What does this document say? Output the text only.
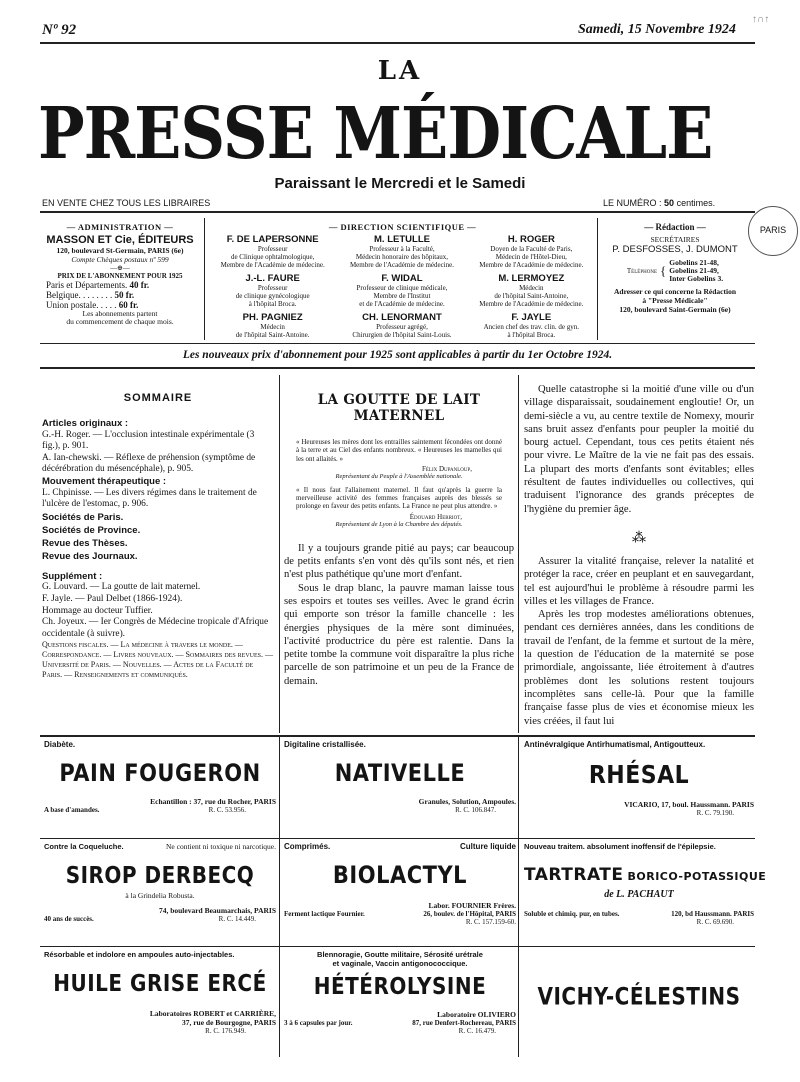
Nº 92	Samedi, 15 Novembre 1924
↑∩↑
LA
PRESSE MÉDICALE
Paraissant le Mercredi et le Samedi
EN VENTE CHEZ TOUS LES LIBRAIRES	LE NUMÉRO : 50 centimes.
PARIS
— ADMINISTRATION —
MASSON ET Cie, ÉDITEURS
120, boulevard St-Germain, PARIS (6e)
Compte Chèques postaux nº 599
—⊕—
PRIX DE L'ABONNEMENT POUR 1925
Paris et Départements. 40 fr.
Belgique. . . . . . . . 50 fr.
Union postale. . . . . 60 fr.
Les abonnements partent
du commencement de chaque mois.
— DIRECTION SCIENTIFIQUE —
F. DE LAPERSONNE
Professeur
de Clinique ophtalmologique,
Membre de l'Académie de médecine.
M. LETULLE
Professeur à la Faculté,
Médecin honoraire des hôpitaux,
Membre de l'Académie de médecine.
H. ROGER
Doyen de la Faculté de Paris,
Médecin de l'Hôtel-Dieu,
Membre de l'Académie de médecine.
J.-L. FAURE
Professeur
de clinique gynécologique
à l'hôpital Broca.
F. WIDAL
Professeur de clinique médicale,
Membre de l'Institut
et de l'Académie de médecine.
M. LERMOYEZ
Médecin
de l'hôpital Saint-Antoine,
Membre de l'Académie de médecine.
PH. PAGNIEZ
Médecin
de l'hôpital Saint-Antoine.
CH. LENORMANT
Professeur agrégé,
Chirurgien de l'hôpital Saint-Louis.
F. JAYLE
Ancien chef des trav. clin. de gyn.
à l'hôpital Broca.
— Rédaction —
SECRÉTAIRES
P. DESFOSSES, J. DUMONT
Téléphone {
Gobelins 21-48,
Gobelins 21-49,
Inter Gobelins 3.
Adresser ce qui concerne la Rédaction
à "Presse Médicale"
120, boulevard Saint-Germain (6e)
Les nouveaux prix d'abonnement pour 1925 sont applicables à partir du 1er Octobre 1924.
SOMMAIRE
Articles originaux :
G.-H. Roger. — L'occlusion intestinale expérimentale (3 fig.), p. 901.
A. Ian-chewski. — Réflexe de préhension (symptôme de décérébration du mésencéphale), p. 905.
Mouvement thérapeutique :
L. Chpinisse. — Les divers régimes dans le traitement de l'ulcère de l'estomac, p. 906.
Sociétés de Paris.
Sociétés de Province.
Revue des Thèses.
Revue des Journaux.
Supplément :
G. Louvard. — La goutte de lait maternel.
F. Jayle. — Paul Delbet (1866-1924).
Hommage au docteur Tuffier.
Ch. Joyeux. — Ier Congrès de Médecine tropicale d'Afrique occidentale (à suivre).
Questions fiscales. — La médecine à travers le monde. — Correspondance. — Livres nouveaux. — Sommaires des revues. — Université de Paris. — Nouvelles. — Actes de la Faculté de Paris. — Renseignements et communiqués.
LA GOUTTE DE LAIT MATERNEL
« Heureuses les mères dont les entrailles saintement fécondées ont donné à la terre et au Ciel des enfants nombreux. « Heureuses les mamelles qui les ont allaités. »
Félix Dupanloup,
Représentant du Peuple à l'Assemblée nationale.
« Il nous faut l'allaitement maternel. Il faut qu'après la guerre la merveilleuse activité des femmes françaises auprès des blessés se prolonge en faveur des petits enfants. La France ne peut plus attendre. »
Édouard Herriot,
Représentant de Lyon à la Chambre des députés.
Il y a toujours grande pitié au pays; car beaucoup de petits enfants s'en vont dès qu'ils sont nés, et rien n'est plus pathétique qu'une mort d'enfant.
Sous le drap blanc, la pauvre maman laisse tous ses espoirs et toutes ses veilles. Avec le grand écrin qui emporte son trésor la famille chancelle : les énergies physiques de la mère sont diminuées, l'activité productrice du père est ralentie. Dans la petite tombe la commune voit disparaître la plus riche parcelle de son patrimoine et un peu de la France de demain.
Quelle catastrophe si la moitié d'une ville ou d'un village disparaissait, soudainement engloutie! Or, un demi-siècle a vu, au centre textile de Nomexy, mourir sans bruit assez d'enfants pour peupler la moitié du bourg actuel. Cependant, tous ces petits étaient nés pour vivre. Le Maître de la vie ne fait pas des essais. La plupart des morts d'enfants sont évitables; elles résultent de fautes individuelles ou collectives, qui traduisent l'ignorance des grands préceptes de l'hygiène du premier âge.
⁂
Assurer la vitalité française, relever la natalité et protéger la race, créer en peuplant et en sauvegardant, tel est aujourd'hui le problème à résoudre parmi les villes et les villages de France.
Après les trop modestes améliorations obtenues, pendant ces dernières années, dans les conditions de travail de l'enfant, de la femme et surtout de la mère, la question de l'éducation de la maternité se pose primordiale, angoissante, liée étroitement à d'autres problèmes dont les solutions restent toujours incomplètes sans celle-là. Pour que la famille française fasse plus de vies et économise mieux les vies créées, il faut lui
Diabète.
PAIN FOUGERON
Echantillon : 37, rue du Rocher, PARIS
A base d'amandes.	R. C. 53.956.
Digitaline cristallisée.
NATIVELLE
Granules, Solution, Ampoules.
R. C. 106.847.
Antinévralgique Antirhumatismal, Antigoutteux.
RHÉSAL
VICARIO, 17, boul. Haussmann. PARIS
R. C. 79.190.
Contre la Coqueluche.	Ne contient ni toxique ni narcotique.
SIROP DERBECQ
à la Grindelia Robusta.
74, boulevard Beaumarchais, PARIS
40 ans de succès.	R. C. 14.449.
Comprimés.	Culture liquide
BIOLACTYL
Labor. FOURNIER Frères.
Ferment lactique Fournier.	26, boulev. de l'Hôpital, PARIS
R. C. 157.159-60.
Nouveau traitem. absolument inoffensif de l'épilepsie.
TARTRATE BORICO-POTASSIQUE
de L. PACHAUT
Soluble et chimiq. pur, en tubes.	120, bd Haussmann. PARIS
R. C. 69.690.
Résorbable et indolore en ampoules auto-injectables.
HUILE GRISE ERCÉ
Laboratoires ROBERT et CARRIÈRE,
37, rue de Bourgogne, PARIS
R. C. 176.949.
Blennoragie, Goutte militaire, Sérosité urétrale
et vaginale, Vaccin antigonococcique.
HÉTÉROLYSINE
Laboratoire OLIVIERO
3 à 6 capsules par jour.	87, rue Denfert-Rochereau, PARIS
R. C. 16.479.
VICHY-CÉLESTINS
